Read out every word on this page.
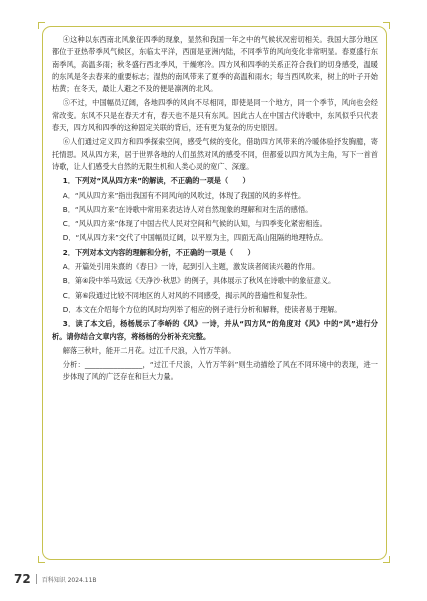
④这种以东西南北风象征四季的现象，显然和我国一年之中的气候状况密切相关。我国大部分地区都位于亚热带季风气候区，东临太平洋，西面是亚洲内陆，不同季节的风向变化非常明显。春夏盛行东南季风，高温多雨；秋冬盛行西北季风，干燥寒冷。四方风和四季的关系正符合我们的切身感受，温暖的东风是冬去春来的重要标志；湿热的南风带来了夏季的高温和雨水；每当西风吹来，树上的叶子开始枯黄；在冬天，最让人避之不及的便是凛冽的北风。

⑤不过，中国幅员辽阔，各地四季的风向不尽相同，即使是同一个地方，同一个季节，风向也会经常改变。东风不只是在春天才有，春天也不是只有东风。因此古人在中国古代诗歌中，东风似乎只代表春天，四方风和四季的这种固定关联的背后，还有更为复杂的历史原因。

⑥人们通过定义四方和四季探索空间，感受气候的变化，借助四方风带来的冷暖体验抒发胸臆，寄托情思。风从四方来，居于世界各地的人们虽然对风的感受不同，但都爱以四方风为主角，写下一首首诗歌，让人们感受大自然的无限生机和人类心灵的宽广、深邃。

1．下列对“风从四方来”的解读，不正确的一项是（　　）

A．“风从四方来”指出我国有不同风向的风吹过，体现了我国的风的多样性。

B．“风从四方来”在诗歌中常用来表达诗人对自然现象的理解和对生活的感悟。

C．“风从四方来”体现了中国古代人民对空间和气候的认知，与四季变化紧密相连。

D．“风从四方来”交代了中国幅员辽阔，以平原为主，四面无高山阻隔的地理特点。

2．下列对本文内容的理解和分析，不正确的一项是（　　）

A．开篇处引用朱熹的《春日》一诗，起到引入主题，激发读者阅读兴趣的作用。

B．第④段中举马致远《天净沙·秋思》的例子，具体展示了秋风在诗歌中的象征意义。

C．第⑥段通过比较不同地区的人对风的不同感受，揭示风的普遍性和复杂性。

D．本文在介绍每个方位的风时均列举了相应的例子进行分析和解释，使读者易于理解。

3．读了本文后，杨杨展示了李峤的《风》一诗，并从“四方风”的角度对《风》中的“风”进行分析。请你结合文章内容，将杨杨的分析补充完整。

解落三秋叶，能开二月花。过江千尺浪，入竹万竿斜。

分析：________________，“过江千尺浪，入竹万竿斜”则生动描绘了风在不同环境中的表现，进一步体现了风的广泛存在和巨大力量。

72 百科知识 2024.11B
